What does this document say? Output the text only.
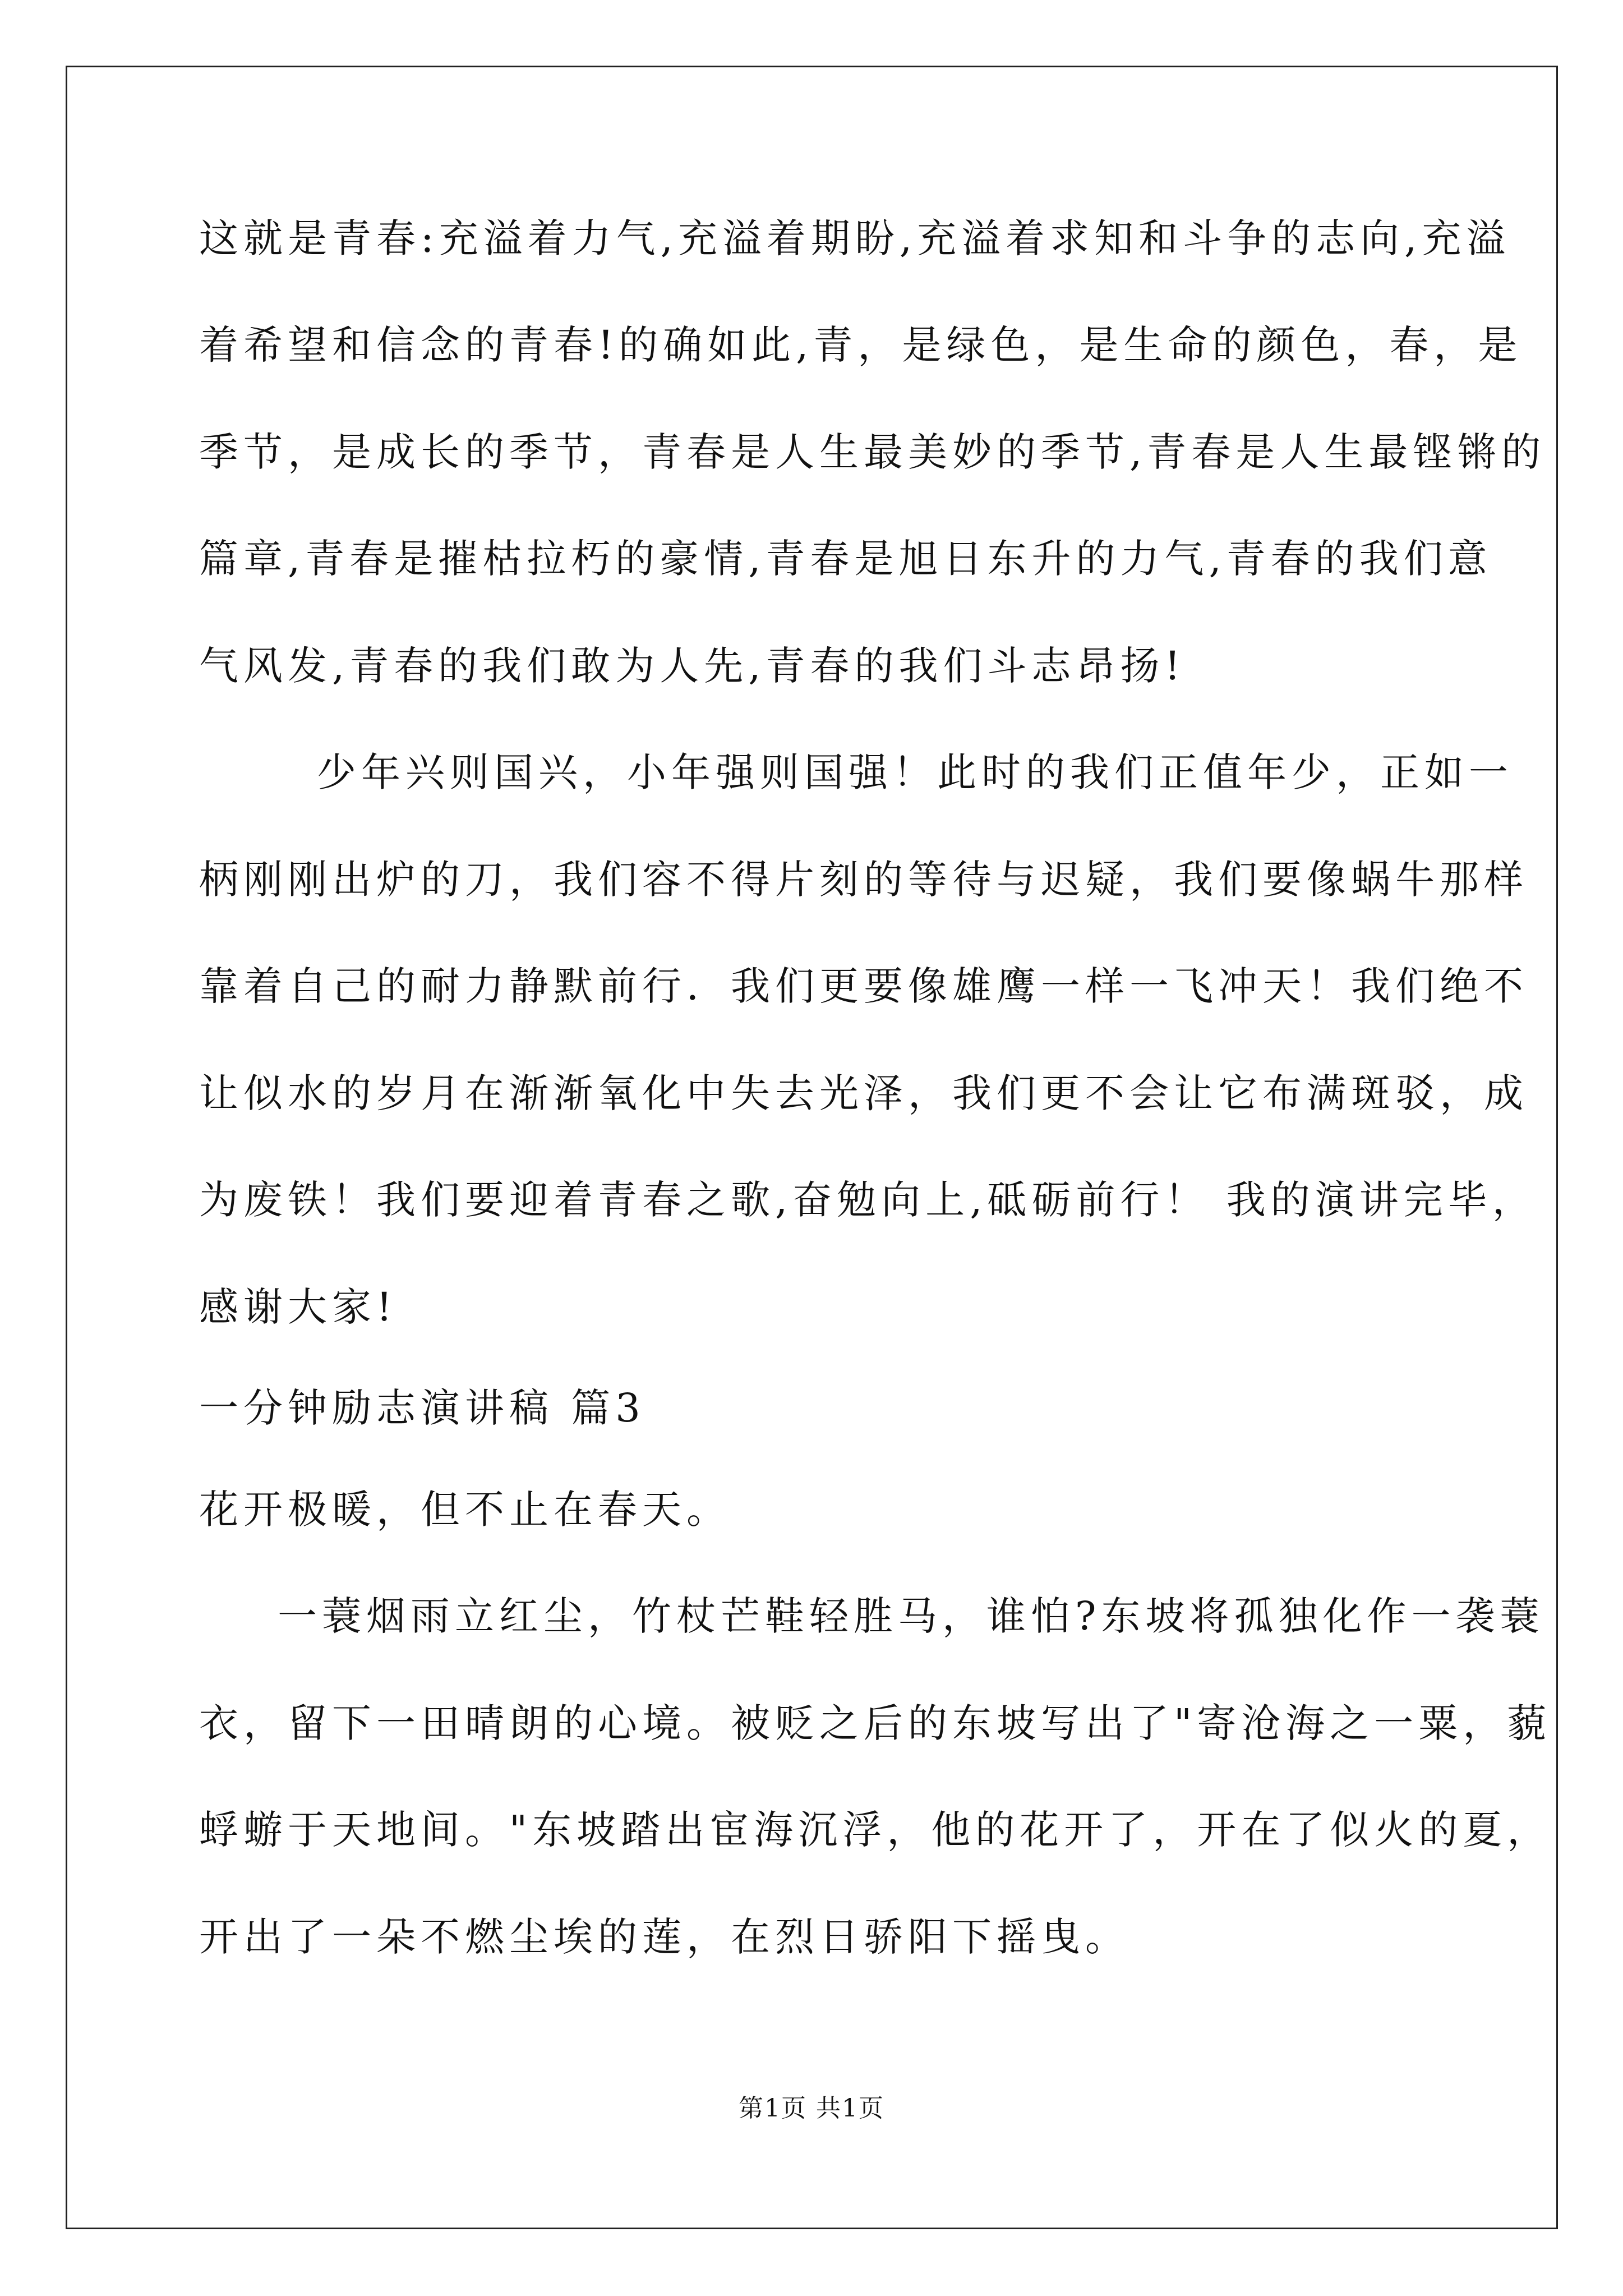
这就是青春:充溢着力气,充溢着期盼,充溢着求知和斗争的志向,充溢
着希望和信念的青春!的确如此,青，是绿色，是生命的颜色，春，是
季节，是成长的季节，青春是人生最美妙的季节,青春是人生最铿锵的
篇章,青春是摧枯拉朽的豪情,青春是旭日东升的力气,青春的我们意
气风发,青春的我们敢为人先,青春的我们斗志昂扬!
少年兴则国兴，小年强则国强！此时的我们正值年少，正如一
柄刚刚出炉的刀，我们容不得片刻的等待与迟疑，我们要像蜗牛那样
靠着自己的耐力静默前行．我们更要像雄鹰一样一飞冲天！我们绝不
让似水的岁月在渐渐氧化中失去光泽，我们更不会让它布满斑驳，成
为废铁！我们要迎着青春之歌,奋勉向上,砥砺前行！ 我的演讲完毕，
感谢大家!
一分钟励志演讲稿 篇3
花开极暖，但不止在春天。
一蓑烟雨立红尘，竹杖芒鞋轻胜马，谁怕?东坡将孤独化作一袭蓑
衣，留下一田晴朗的心境。被贬之后的东坡写出了"寄沧海之一粟，藐
蜉蝣于天地间。"东坡踏出宦海沉浮，他的花开了，开在了似火的夏，
开出了一朵不燃尘埃的莲，在烈日骄阳下摇曳。
第1页 共1页
